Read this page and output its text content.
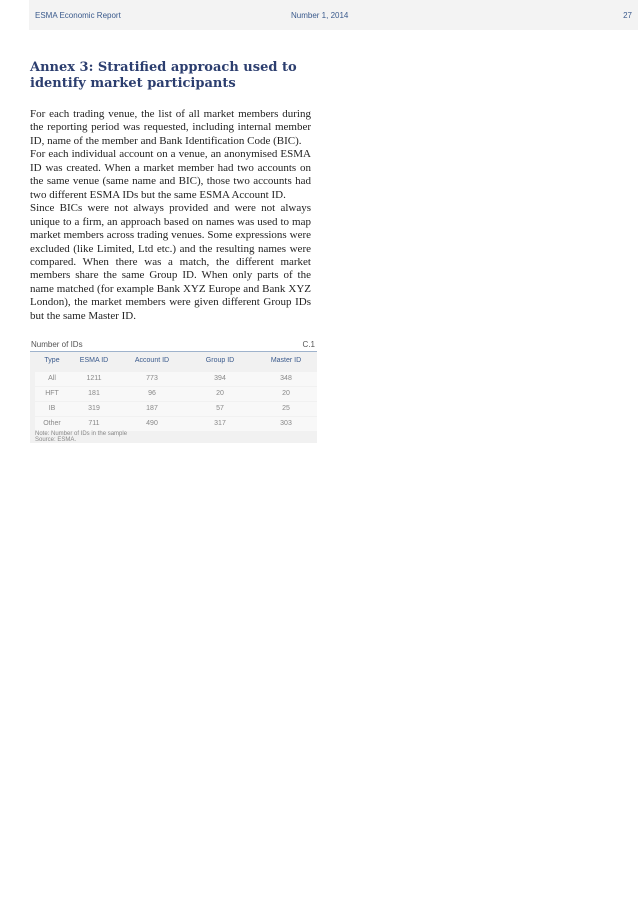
ESMA Economic Report	Number 1, 2014	27
Annex 3: Stratified approach used to identify market participants

For each trading venue, the list of all market members during the reporting period was requested, including internal member ID, name of the member and Bank Identification Code (BIC).

For each individual account on a venue, an anonymised ESMA ID was created. When a market member had two accounts on the same venue (same name and BIC), those two accounts had two different ESMA IDs but the same ESMA Account ID.

Since BICs were not always provided and were not always unique to a firm, an approach based on names was used to map market members across trading venues. Some expressions were excluded (like Limited, Ltd etc.) and the resulting names were compared. When there was a match, the different market members share the same Group ID. When only parts of the name matched (for example Bank XYZ Europe and Bank XYZ London), the market members were given different Group IDs but the same Master ID.

Number of IDs	C.1
Type	ESMA ID	Account ID	Group ID	Master ID
All	1211	773	394	348
HFT	181	96	20	20
IB	319	187	57	25
Other	711	490	317	303
Note: Number of IDs in the sample
Source: ESMA.
